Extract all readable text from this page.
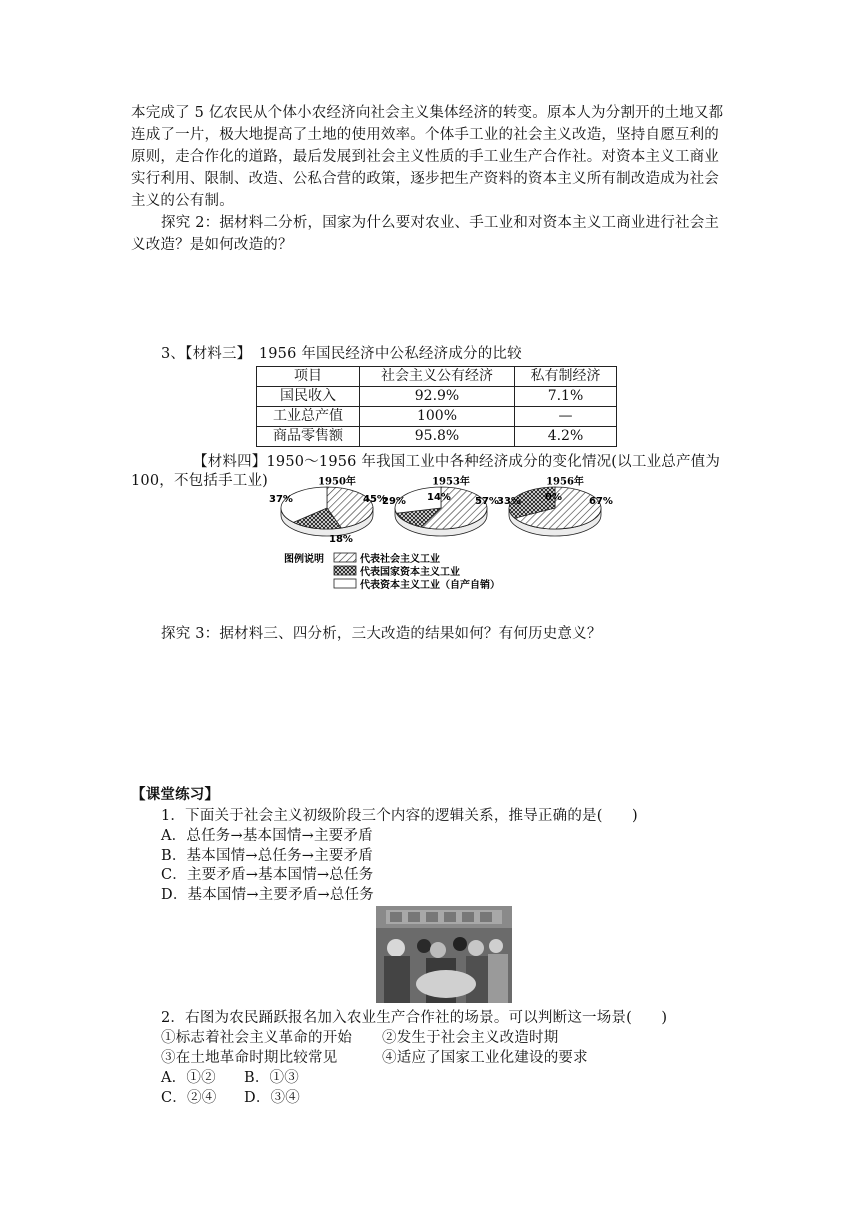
本完成了 5 亿农民从个体小农经济向社会主义集体经济的转变。原本人为分割开的土地又都
连成了一片，极大地提高了土地的使用效率。个体手工业的社会主义改造，坚持自愿互利的
原则，走合作化的道路，最后发展到社会主义性质的手工业生产合作社。对资本主义工商业
实行利用、限制、改造、公私合营的政策，逐步把生产资料的资本主义所有制改造成为社会
主义的公有制。
探究 2：据材料二分析，国家为什么要对农业、手工业和对资本主义工商业进行社会主
义改造？是如何改造的？
3、【材料三】　1956 年国民经济中公私经济成分的比较
项目	社会主义公有经济	私有制经济
国民收入	92.9%	7.1%
工业总产值	100%	—
商品零售额	95.8%	4.2%
【材料四】1950～1956 年我国工业中各种经济成分的变化情况(以工业总产值为
100，不包括手工业)	1950年
37%	45%
18%
1953年
29% 14% 57%
1956年
33% 0%	67%
图例说明	代表社会主义工业
代表国家资本主义工业
代表资本主义工业（自产自销）
探究 3：据材料三、四分析，三大改造的结果如何？有何历史意义？
【课堂练习】
1．下面关于社会主义初级阶段三个内容的逻辑关系，推导正确的是(　　)
A．总任务→基本国情→主要矛盾
B．基本国情→总任务→主要矛盾
C．主要矛盾→基本国情→总任务
D．基本国情→主要矛盾→总任务
2．右图为农民踊跃报名加入农业生产合作社的场景。可以判断这一场景(　　)
①标志着社会主义革命的开始 ②发生于社会主义改造时期
③在土地革命时期比较常见	④适应了国家工业化建设的要求
A．①② B．①③
C．②④ D．③④
